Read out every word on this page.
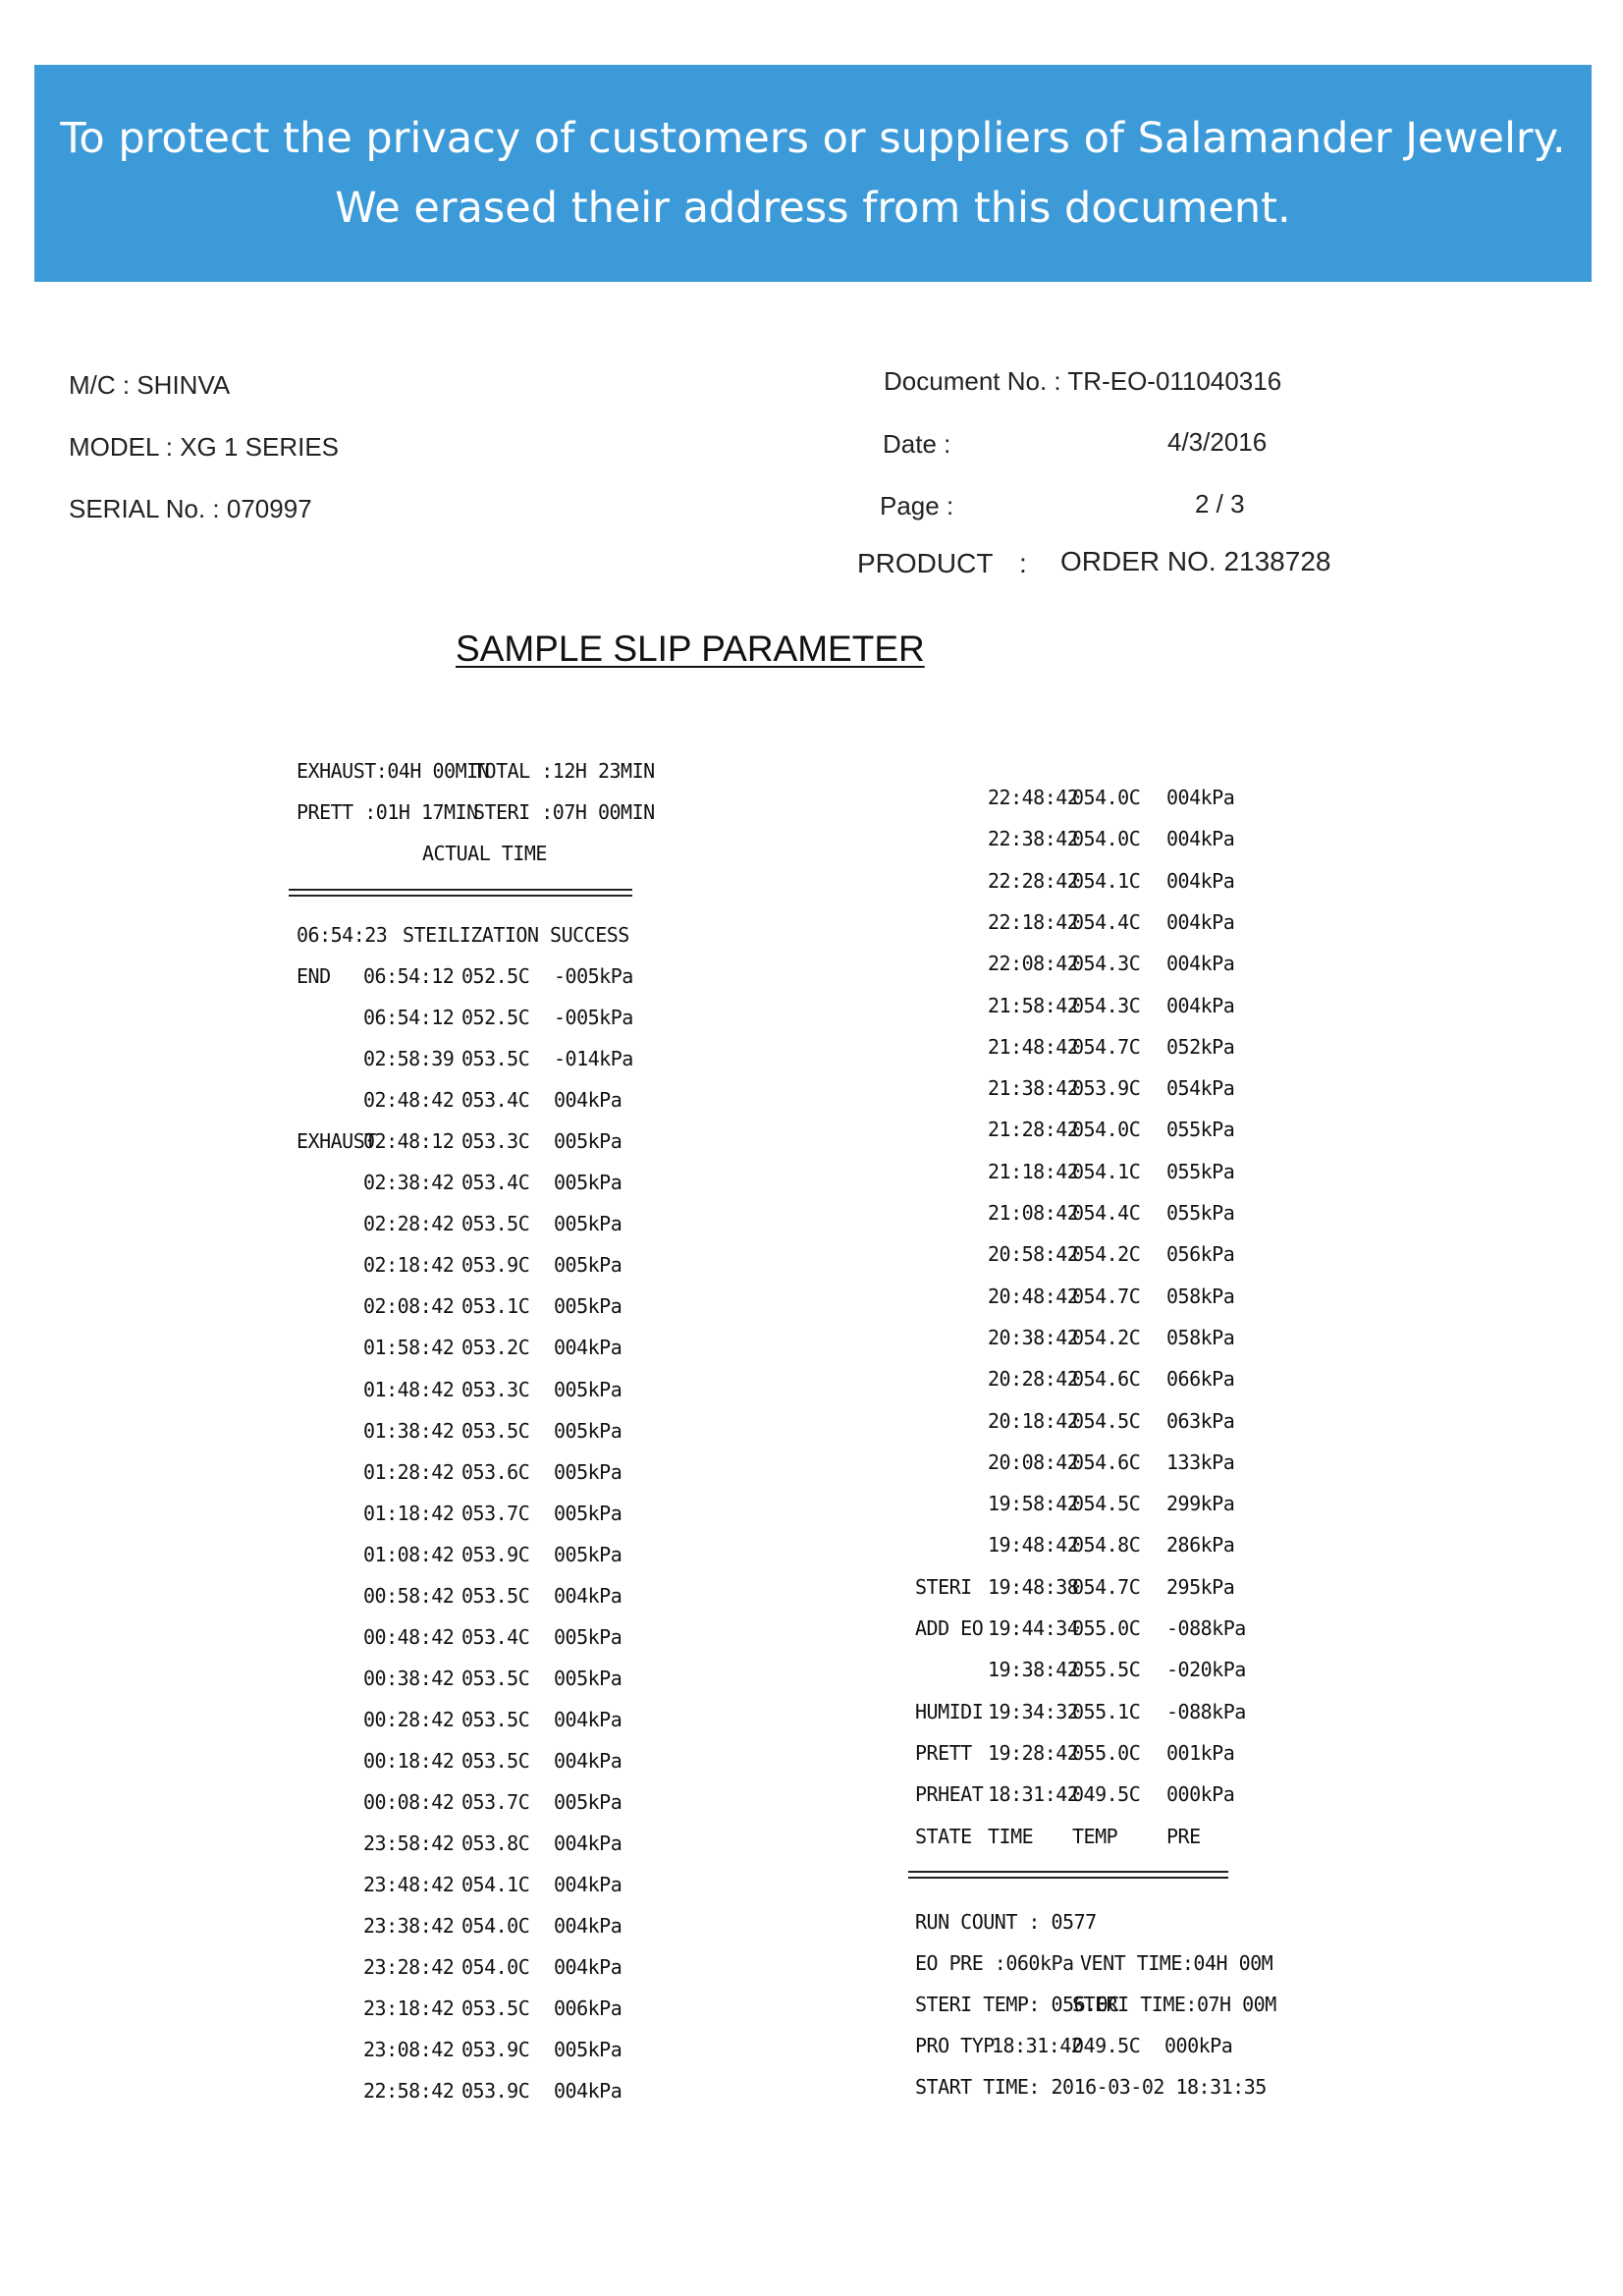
To protect the privacy of customers or suppliers of Salamander Jewelry.
We erased their address from this document.
M/C : SHINVA
MODEL : XG 1 SERIES
SERIAL No. : 070997
Document No. : TR-EO-011040316
Date :	4/3/2016
Page :	2 / 3
PRODUCT : ORDER NO. 2138728
SAMPLE SLIP PARAMETER
EXHAUST:04H 00MIN
TOTAL :12H 23MIN
PRETT :01H 17MIN
STERI :07H 00MIN
ACTUAL TIME
06:54:23 STEILIZATION SUCCESS
END 06:54:12 052.5C -005kPa
06:54:12 052.5C -005kPa
02:58:39 053.5C -014kPa
02:48:42 053.4C 004kPa
EXHAUST
02:48:12 053.3C 005kPa
02:38:42 053.4C 005kPa
02:28:42 053.5C 005kPa
02:18:42 053.9C 005kPa
02:08:42 053.1C 005kPa
01:58:42 053.2C 004kPa
01:48:42 053.3C 005kPa
01:38:42 053.5C 005kPa
01:28:42 053.6C 005kPa
01:18:42 053.7C 005kPa
01:08:42 053.9C 005kPa
00:58:42 053.5C 004kPa
00:48:42 053.4C 005kPa
00:38:42 053.5C 005kPa
00:28:42 053.5C 004kPa
00:18:42 053.5C 004kPa
00:08:42 053.7C 005kPa
23:58:42 053.8C 004kPa
23:48:42 054.1C 004kPa
23:38:42 054.0C 004kPa
23:28:42 054.0C 004kPa
23:18:42 053.5C 006kPa
23:08:42 053.9C 005kPa
22:58:42 053.9C 004kPa
22:48:42
054.0C 004kPa
22:38:42
054.0C 004kPa
22:28:42
054.1C 004kPa
22:18:42
054.4C 004kPa
22:08:42
054.3C 004kPa
21:58:42
054.3C 004kPa
21:48:42
054.7C 052kPa
21:38:42
053.9C 054kPa
21:28:42
054.0C 055kPa
21:18:42
054.1C 055kPa
21:08:42
054.4C 055kPa
20:58:42
054.2C 056kPa
20:48:42
054.7C 058kPa
20:38:42
054.2C 058kPa
20:28:42
054.6C 066kPa
20:18:42
054.5C 063kPa
20:08:42
054.6C 133kPa
19:58:42
054.5C 299kPa
19:48:42
054.8C 286kPa
STERI 19:48:38
054.7C 295kPa
ADD EO 19:44:34
055.0C -088kPa
19:38:42
055.5C -020kPa
HUMIDI 19:34:32
055.1C -088kPa
PRETT 19:28:42
055.0C 001kPa
PRHEAT 18:31:42
049.5C 000kPa
STATE TIME TEMP PRE
RUN COUNT : 0577
EO PRE :060kPa VENT TIME:04H 00M
STERI TEMP: 056.0C
STERI TIME:07H 00M
PRO TYP
18:31:42
049.5C 000kPa
START TIME: 2016-03-02 18:31:35
